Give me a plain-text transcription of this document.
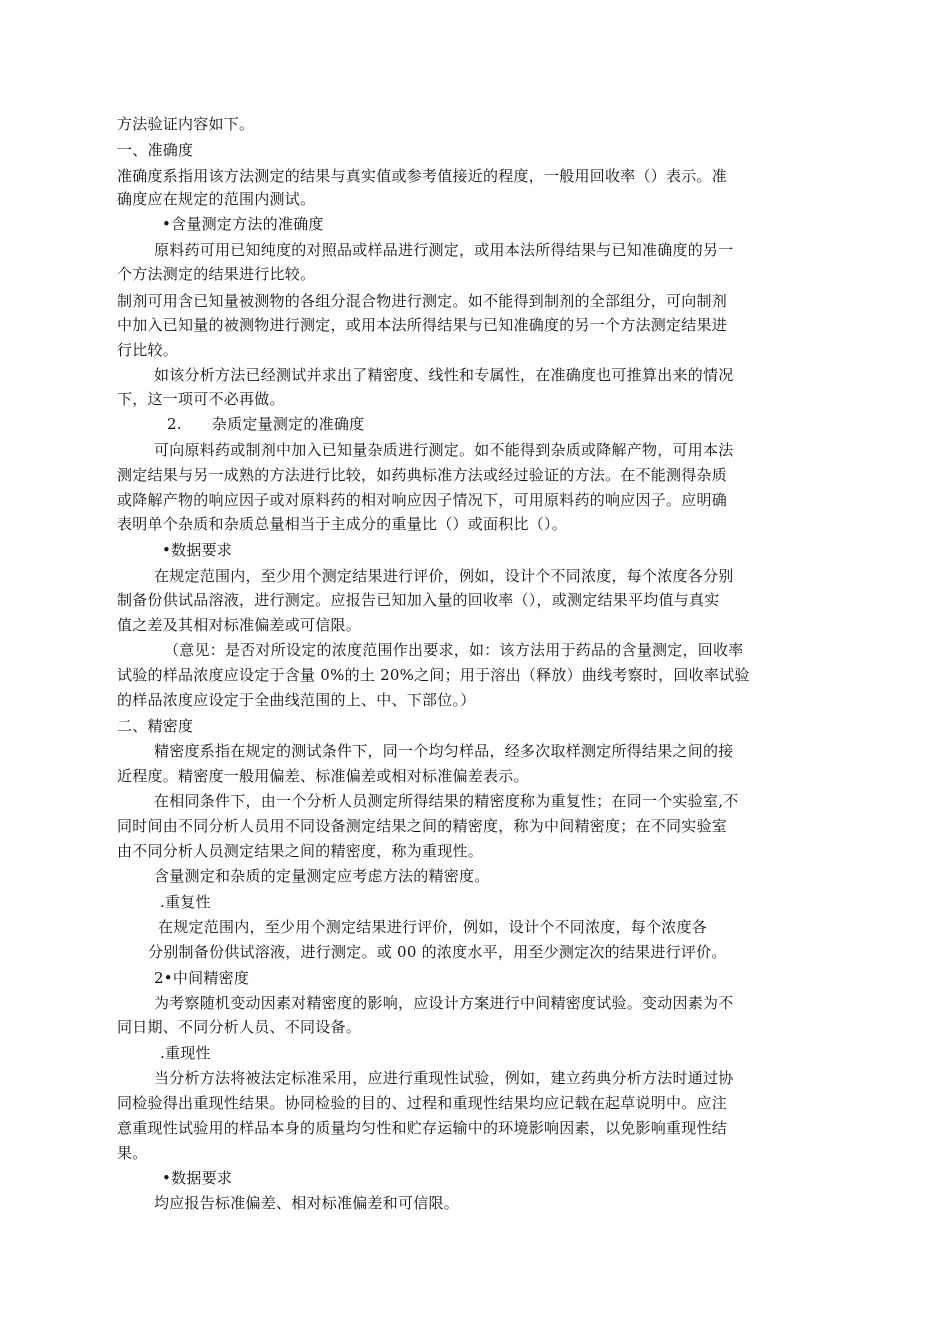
方法验证内容如下。
一、准确度
准确度系指用该方法测定的结果与真实值或参考值接近的程度，一般用回收率（）表示。准
确度应在规定的范围内测试。
•含量测定方法的准确度
原料药可用已知纯度的对照品或样品进行测定，或用本法所得结果与已知准确度的另一
个方法测定的结果进行比较。
制剂可用含已知量被测物的各组分混合物进行测定。如不能得到制剂的全部组分，可向制剂
中加入已知量的被测物进行测定，或用本法所得结果与已知准确度的另一个方法测定结果进
行比较。
如该分析方法已经测试并求出了精密度、线性和专属性，在准确度也可推算出来的情况
下，这一项可不必再做。
2.      杂质定量测定的准确度
可向原料药或制剂中加入已知量杂质进行测定。如不能得到杂质或降解产物，可用本法
测定结果与另一成熟的方法进行比较，如药典标准方法或经过验证的方法。在不能测得杂质
或降解产物的响应因子或对原料药的相对响应因子情况下，可用原料药的响应因子。应明确
表明单个杂质和杂质总量相当于主成分的重量比（）或面积比（）。
•数据要求
在规定范围内，至少用个测定结果进行评价，例如，设计个不同浓度，每个浓度各分别
制备份供试品溶液，进行测定。应报告已知加入量的回收率（），或测定结果平均值与真实
值之差及其相对标准偏差或可信限。
（意见：是否对所设定的浓度范围作出要求，如：该方法用于药品的含量测定，回收率
试验的样品浓度应设定于含量 0%的土 20%之间；用于溶出（释放）曲线考察时，回收率试验
的样品浓度应设定于全曲线范围的上、中、下部位。）
二、精密度
精密度系指在规定的测试条件下，同一个均匀样品，经多次取样测定所得结果之间的接
近程度。精密度一般用偏差、标准偏差或相对标准偏差表示。
在相同条件下，由一个分析人员测定所得结果的精密度称为重复性；在同一个实验室,不
同时间由不同分析人员用不同设备测定结果之间的精密度，称为中间精密度；在不同实验室
由不同分析人员测定结果之间的精密度，称为重现性。
含量测定和杂质的定量测定应考虑方法的精密度。
.重复性
在规定范围内，至少用个测定结果进行评价，例如，设计个不同浓度，每个浓度各
分别制备份供试溶液，进行测定。或 00 的浓度水平，用至少测定次的结果进行评价。
2•中间精密度
为考察随机变动因素对精密度的影响，应设计方案进行中间精密度试验。变动因素为不
同日期、不同分析人员、不同设备。
.重现性
当分析方法将被法定标准采用，应进行重现性试验，例如，建立药典分析方法时通过协
同检验得出重现性结果。协同检验的目的、过程和重现性结果均应记载在起草说明中。应注
意重现性试验用的样品本身的质量均匀性和贮存运输中的环境影响因素，以免影响重现性结
果。
•数据要求
均应报告标准偏差、相对标准偏差和可信限。
